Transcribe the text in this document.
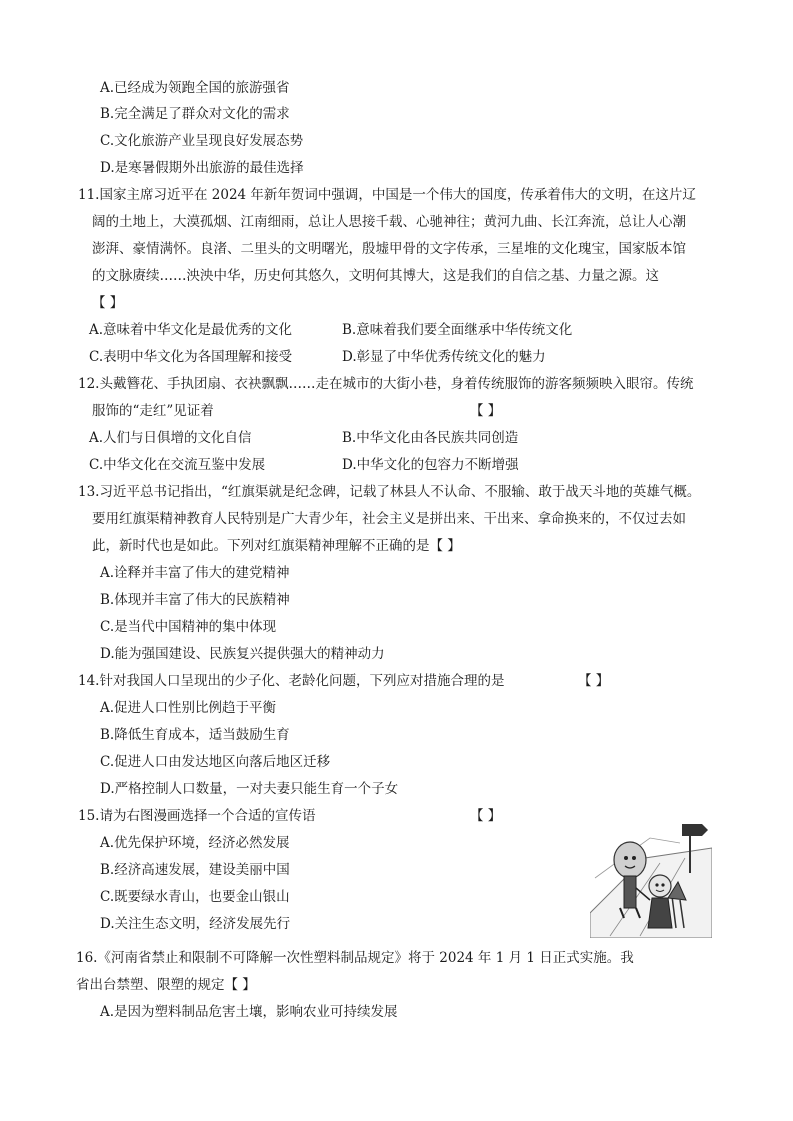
A.已经成为领跑全国的旅游强省
B.完全满足了群众对文化的需求
C.文化旅游产业呈现良好发展态势
D.是寒暑假期外出旅游的最佳选择
11.国家主席习近平在 2024 年新年贺词中强调，中国是一个伟大的国度，传承着伟大的文明，在这片辽
阔的土地上，大漠孤烟、江南细雨，总让人思接千载、心驰神往；黄河九曲、长江奔流，总让人心潮
澎湃、豪情满怀。良渚、二里头的文明曙光，殷墟甲骨的文字传承，三星堆的文化瑰宝，国家版本馆
的文脉赓续……泱泱中华，历史何其悠久，文明何其博大，这是我们的自信之基、力量之源。这
【 】
A.意味着中华文化是最优秀的文化	B.意味着我们要全面继承中华传统文化
C.表明中华文化为各国理解和接受	D.彰显了中华优秀传统文化的魅力
12.头戴簪花、手执团扇、衣袂飘飘……走在城市的大街小巷，身着传统服饰的游客频频映入眼帘。传统
服饰的“走红”见证着	【 】
A.人们与日俱增的文化自信	B.中华文化由各民族共同创造
C.中华文化在交流互鉴中发展	D.中华文化的包容力不断增强
13.习近平总书记指出，“红旗渠就是纪念碑，记载了林县人不认命、不服输、敢于战天斗地的英雄气概。
要用红旗渠精神教育人民特别是广大青少年，社会主义是拼出来、干出来、拿命换来的，不仅过去如
此，新时代也是如此。下列对红旗渠精神理解不正确的是【 】
A.诠释并丰富了伟大的建党精神
B.体现并丰富了伟大的民族精神
C.是当代中国精神的集中体现
D.能为强国建设、民族复兴提供强大的精神动力
14.针对我国人口呈现出的少子化、老龄化问题，下列应对措施合理的是	【 】
A.促进人口性别比例趋于平衡
B.降低生育成本，适当鼓励生育
C.促进人口由发达地区向落后地区迁移
D.严格控制人口数量，一对夫妻只能生育一个子女
15.请为右图漫画选择一个合适的宣传语	【 】
A.优先保护环境，经济必然发展
B.经济高速发展，建设美丽中国
C.既要绿水青山，也要金山银山
D.关注生态文明，经济发展先行
16.《河南省禁止和限制不可降解一次性塑料制品规定》将于 2024 年 1 月 1 日正式实施。我
省出台禁塑、限塑的规定【 】
A.是因为塑料制品危害土壤，影响农业可持续发展
